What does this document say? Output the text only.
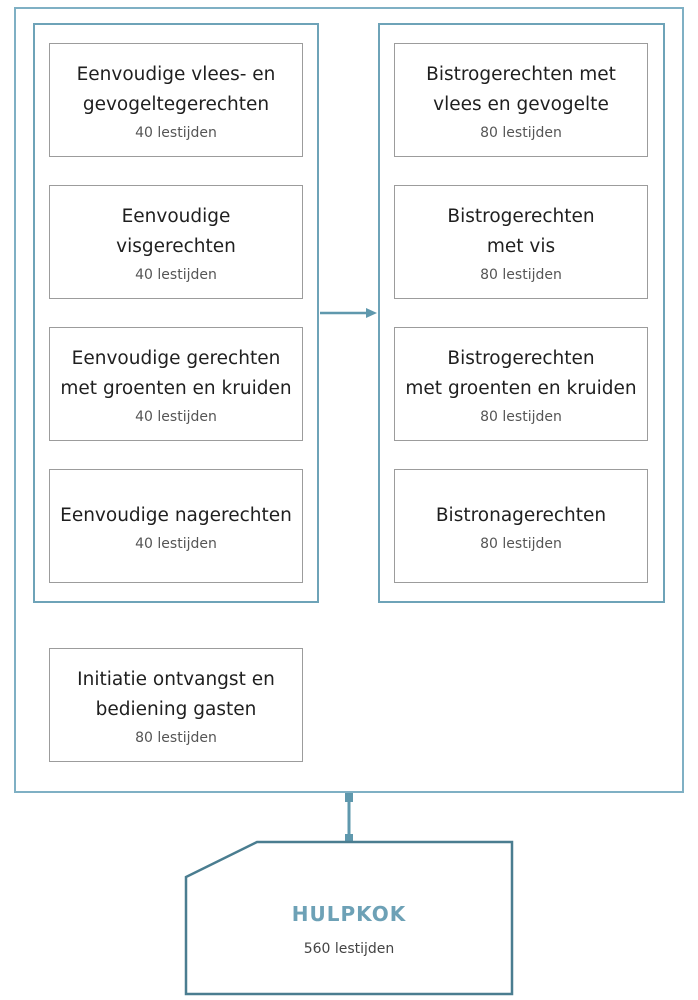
Eenvoudige vlees- en
gevogeltegerechten
40 lestijden
Eenvoudige
visgerechten
40 lestijden
Eenvoudige gerechten
met groenten en kruiden
40 lestijden
Eenvoudige nagerechten
40 lestijden
Bistrogerechten met
vlees en gevogelte
80 lestijden
Bistrogerechten
met vis
80 lestijden
Bistrogerechten
met groenten en kruiden
80 lestijden
Bistronagerechten
80 lestijden
Initiatie ontvangst en
bediening gasten
80 lestijden
HULPKOK
560 lestijden
